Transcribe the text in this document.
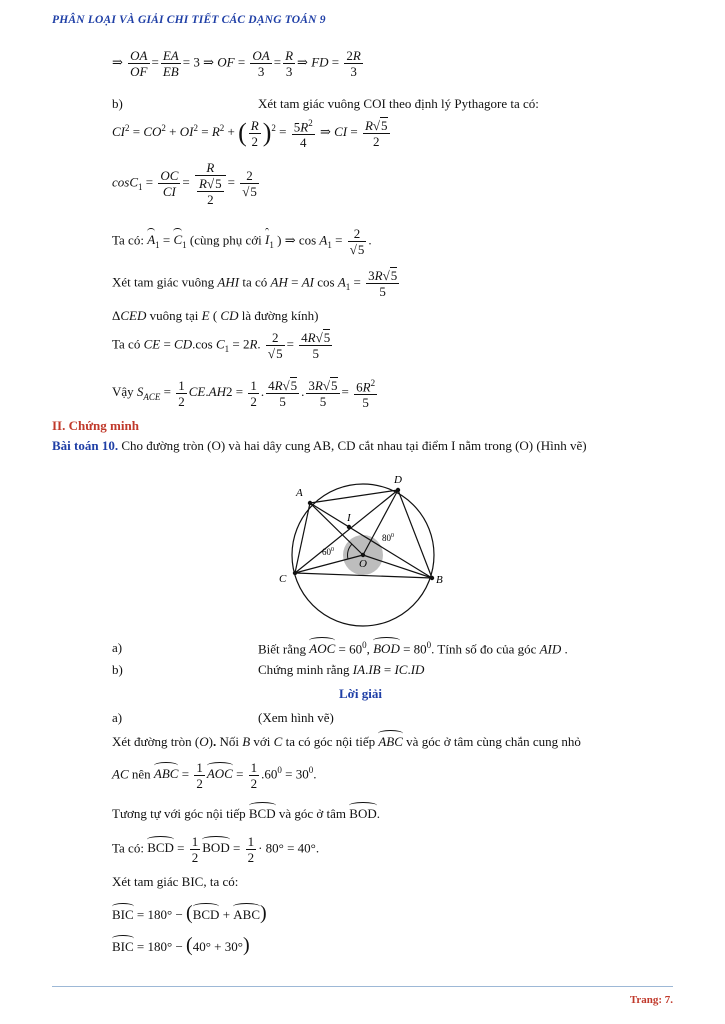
PHÂN LOẠI VÀ GIẢI CHI TIẾT CÁC DẠNG TOÁN 9
⇒ $\frac{OA}{OF} = \frac{EA}{EB} = 3$ ⇒ OF = $\frac{OA}{3} = \frac{R}{3}$ ⇒ FD = $\frac{2R}{3}$
b)	Xét tam giác vuông COI theo định lý Pythagore ta có:
$CI^2 = CO^2 + OI^2 = R^2$ + ( $\frac{R}{2} )^2 = \frac{5R^2}{4}$ ⇒ CI = $\frac{R√5}{2}$
$\cos C_1 = \frac{OC}{CI} = \frac{R}{\frac{R√5}{2}} = \frac{2}{√5}$
Ta có: $A_1 = C_1$ (cùng phụ cới $I_1$ ) ⇒ $\cos A_1 = \frac{2}{√5}$ .
Xét tam giác vuông AHI ta có AH = AI $\cos A_1 = \frac{3R√5}{5}$
ΔCED vuông tại E ( CD là đường kính)
Ta có CE = CD.cos $C_1 = 2R$. $\frac{2}{√5} = \frac{4R√5}{5}$
Vậy $S_{ACE} = \frac{1}{2} CE.AH2 = \frac{1}{2}$ . $\frac{4R√5}{5}$ . $\frac{3R√5}{5} = \frac{6R^2}{5}$
II. Chứng minh
Bài toán 10. Cho đường tròn (O) và hai dây cung AB, CD cắt nhau tại điểm I nằm trong (O) (Hình vẽ)
A
D
C	B
I
O
$60^0$
$80^0$
a)	Biết rằng AOC = $60^0$, BOD = $80^0$. Tính số đo của góc AID .
b)	Chứng minh rằng IA.IB = IC.ID
Lời giải
a)	(Xem hình vẽ)
Xét đường tròn (O). Nối B với C ta có góc nội tiếp ABC và góc ở tâm cùng chắn cung nhỏ
AC nên ABC = $\frac{1}{2}$ AOC = $\frac{1}{2} .60^0 = 30^0$.
Tương tự với góc nội tiếp BCD và góc ở tâm BOD.
Ta có: BCD = $\frac{1}{2}$ BOD = $\frac{1}{2} \cdot 80^\circ = 40^\circ$.
Xét tam giác BIC, ta có:
BIC = 180° − (BCD + ABC)
BIC = 180° − (40° + 30°)
Trang: 7.
